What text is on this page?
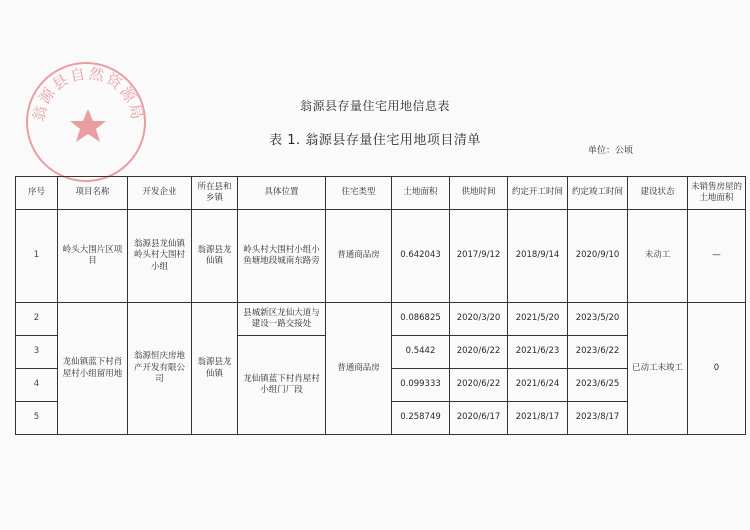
翁源县存量住宅用地信息表
表 1. 翁源县存量住宅用地项目清单
单位：公顷
翁源县自然资源局
序号	项目名称	开发企业	所在县和乡镇	具体位置	住宅类型	土地面积	供地时间	约定开工时间	约定竣工时间	建设状态	未销售房屋的土地面积
1	岭头大围片区项目	翁源县龙仙镇岭头村大围村小组	翁源县龙仙镇	岭头村大围村小组小鱼塘地段城南东路旁	普通商品房	0.642043	2017/9/12	2018/9/14	2020/9/10	未动工	—
2	龙仙镇蓝下村肖屋村小组留用地	翁源恒庆房地产开发有限公司	翁源县龙仙镇	县城新区龙仙大道与建设一路交接处	普通商品房	0.086825	2020/3/20	2021/5/20	2023/5/20	已动工未竣工	0
3				龙仙镇蓝下村肖屋村小组门厂段		0.5442	2020/6/22	2021/6/23	2023/6/22		
4						0.099333	2020/6/22	2021/6/24	2023/6/25		
5						0.258749	2020/6/17	2021/8/17	2023/8/17		
